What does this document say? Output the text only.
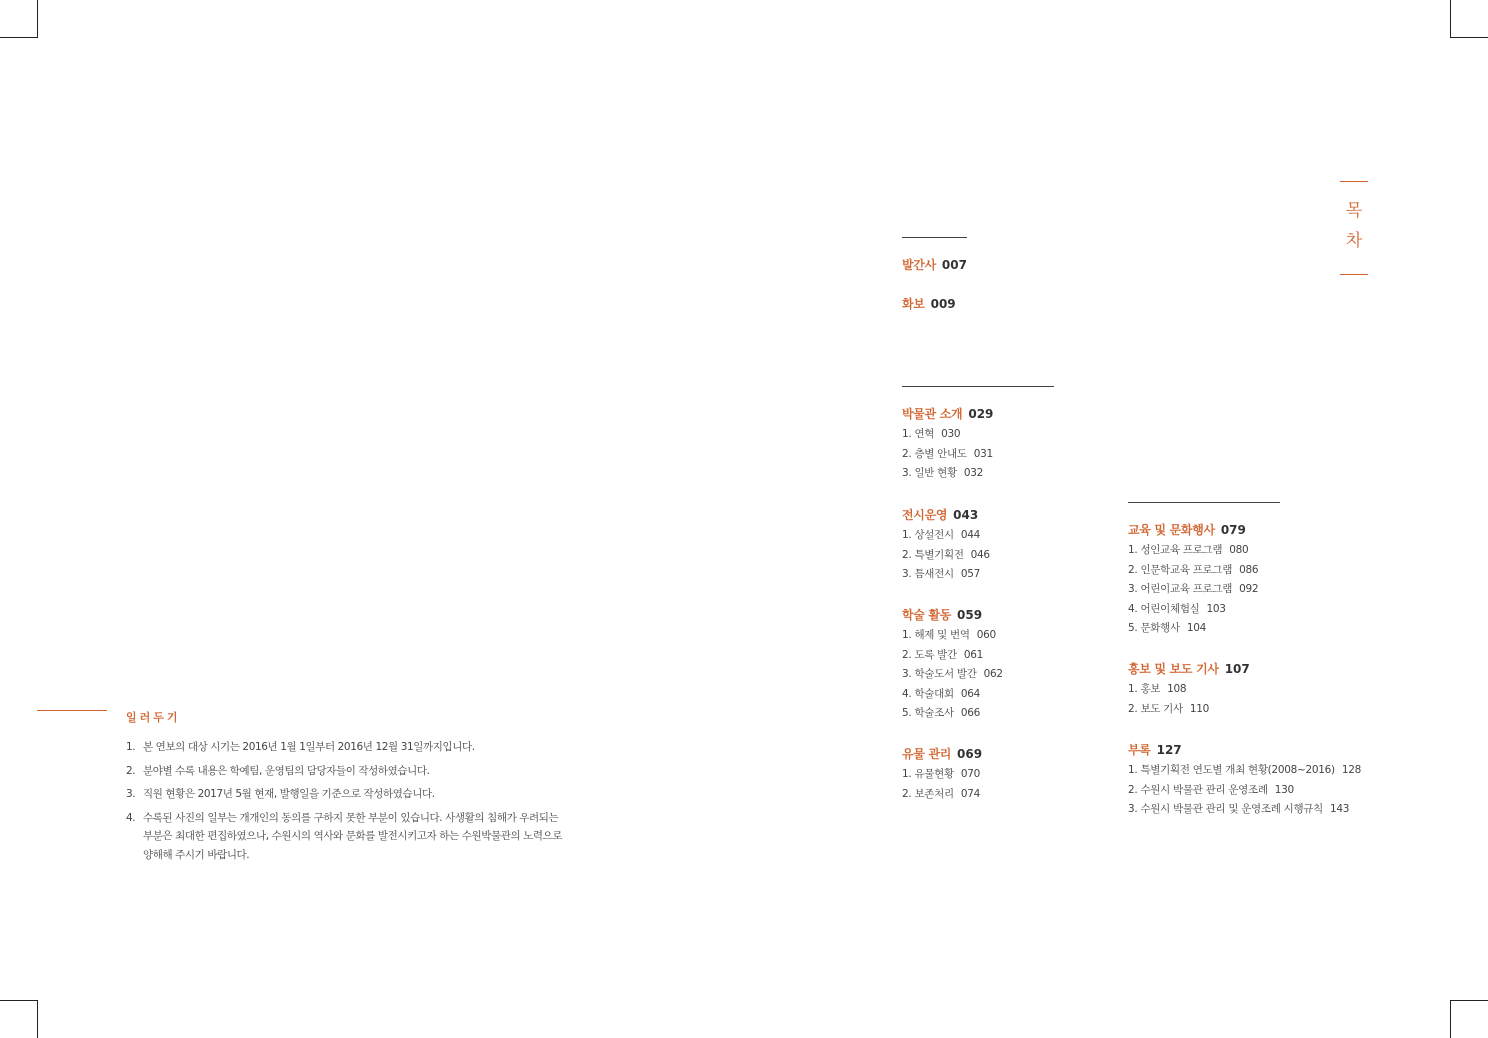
일러두기
1. 본 연보의 대상 시기는 2016년 1월 1일부터 2016년 12월 31일까지입니다.
2. 분야별 수록 내용은 학예팀, 운영팀의 담당자들이 작성하였습니다.
3. 직원 현황은 2017년 5월 현재, 발행일을 기준으로 작성하였습니다.
4. 수록된 사진의 일부는 개개인의 동의를 구하지 못한 부분이 있습니다. 사생활의 침해가 우려되는 부분은 최대한 편집하였으나, 수원시의 역사와 문화를 발전시키고자 하는 수원박물관의 노력으로 양해해 주시기 바랍니다.
목
차
발간사 007
화보 009
박물관 소개 029
1. 연혁 030
2. 층별 안내도 031
3. 일반 현황 032
전시운영 043
1. 상설전시 044
2. 특별기획전 046
3. 틈새전시 057
학술 활동 059
1. 해제 및 번역 060
2. 도록 발간 061
3. 학술도서 발간 062
4. 학술대회 064
5. 학술조사 066
유물 관리 069
1. 유물현황 070
2. 보존처리 074
교육 및 문화행사 079
1. 성인교육 프로그램 080
2. 인문학교육 프로그램 086
3. 어린이교육 프로그램 092
4. 어린이체험실 103
5. 문화행사 104
홍보 및 보도 기사 107
1. 홍보 108
2. 보도 기사 110
부록 127
1. 특별기획전 연도별 개최 현황(2008~2016) 128
2. 수원시 박물관 관리 운영조례 130
3. 수원시 박물관 관리 및 운영조례 시행규칙 143
